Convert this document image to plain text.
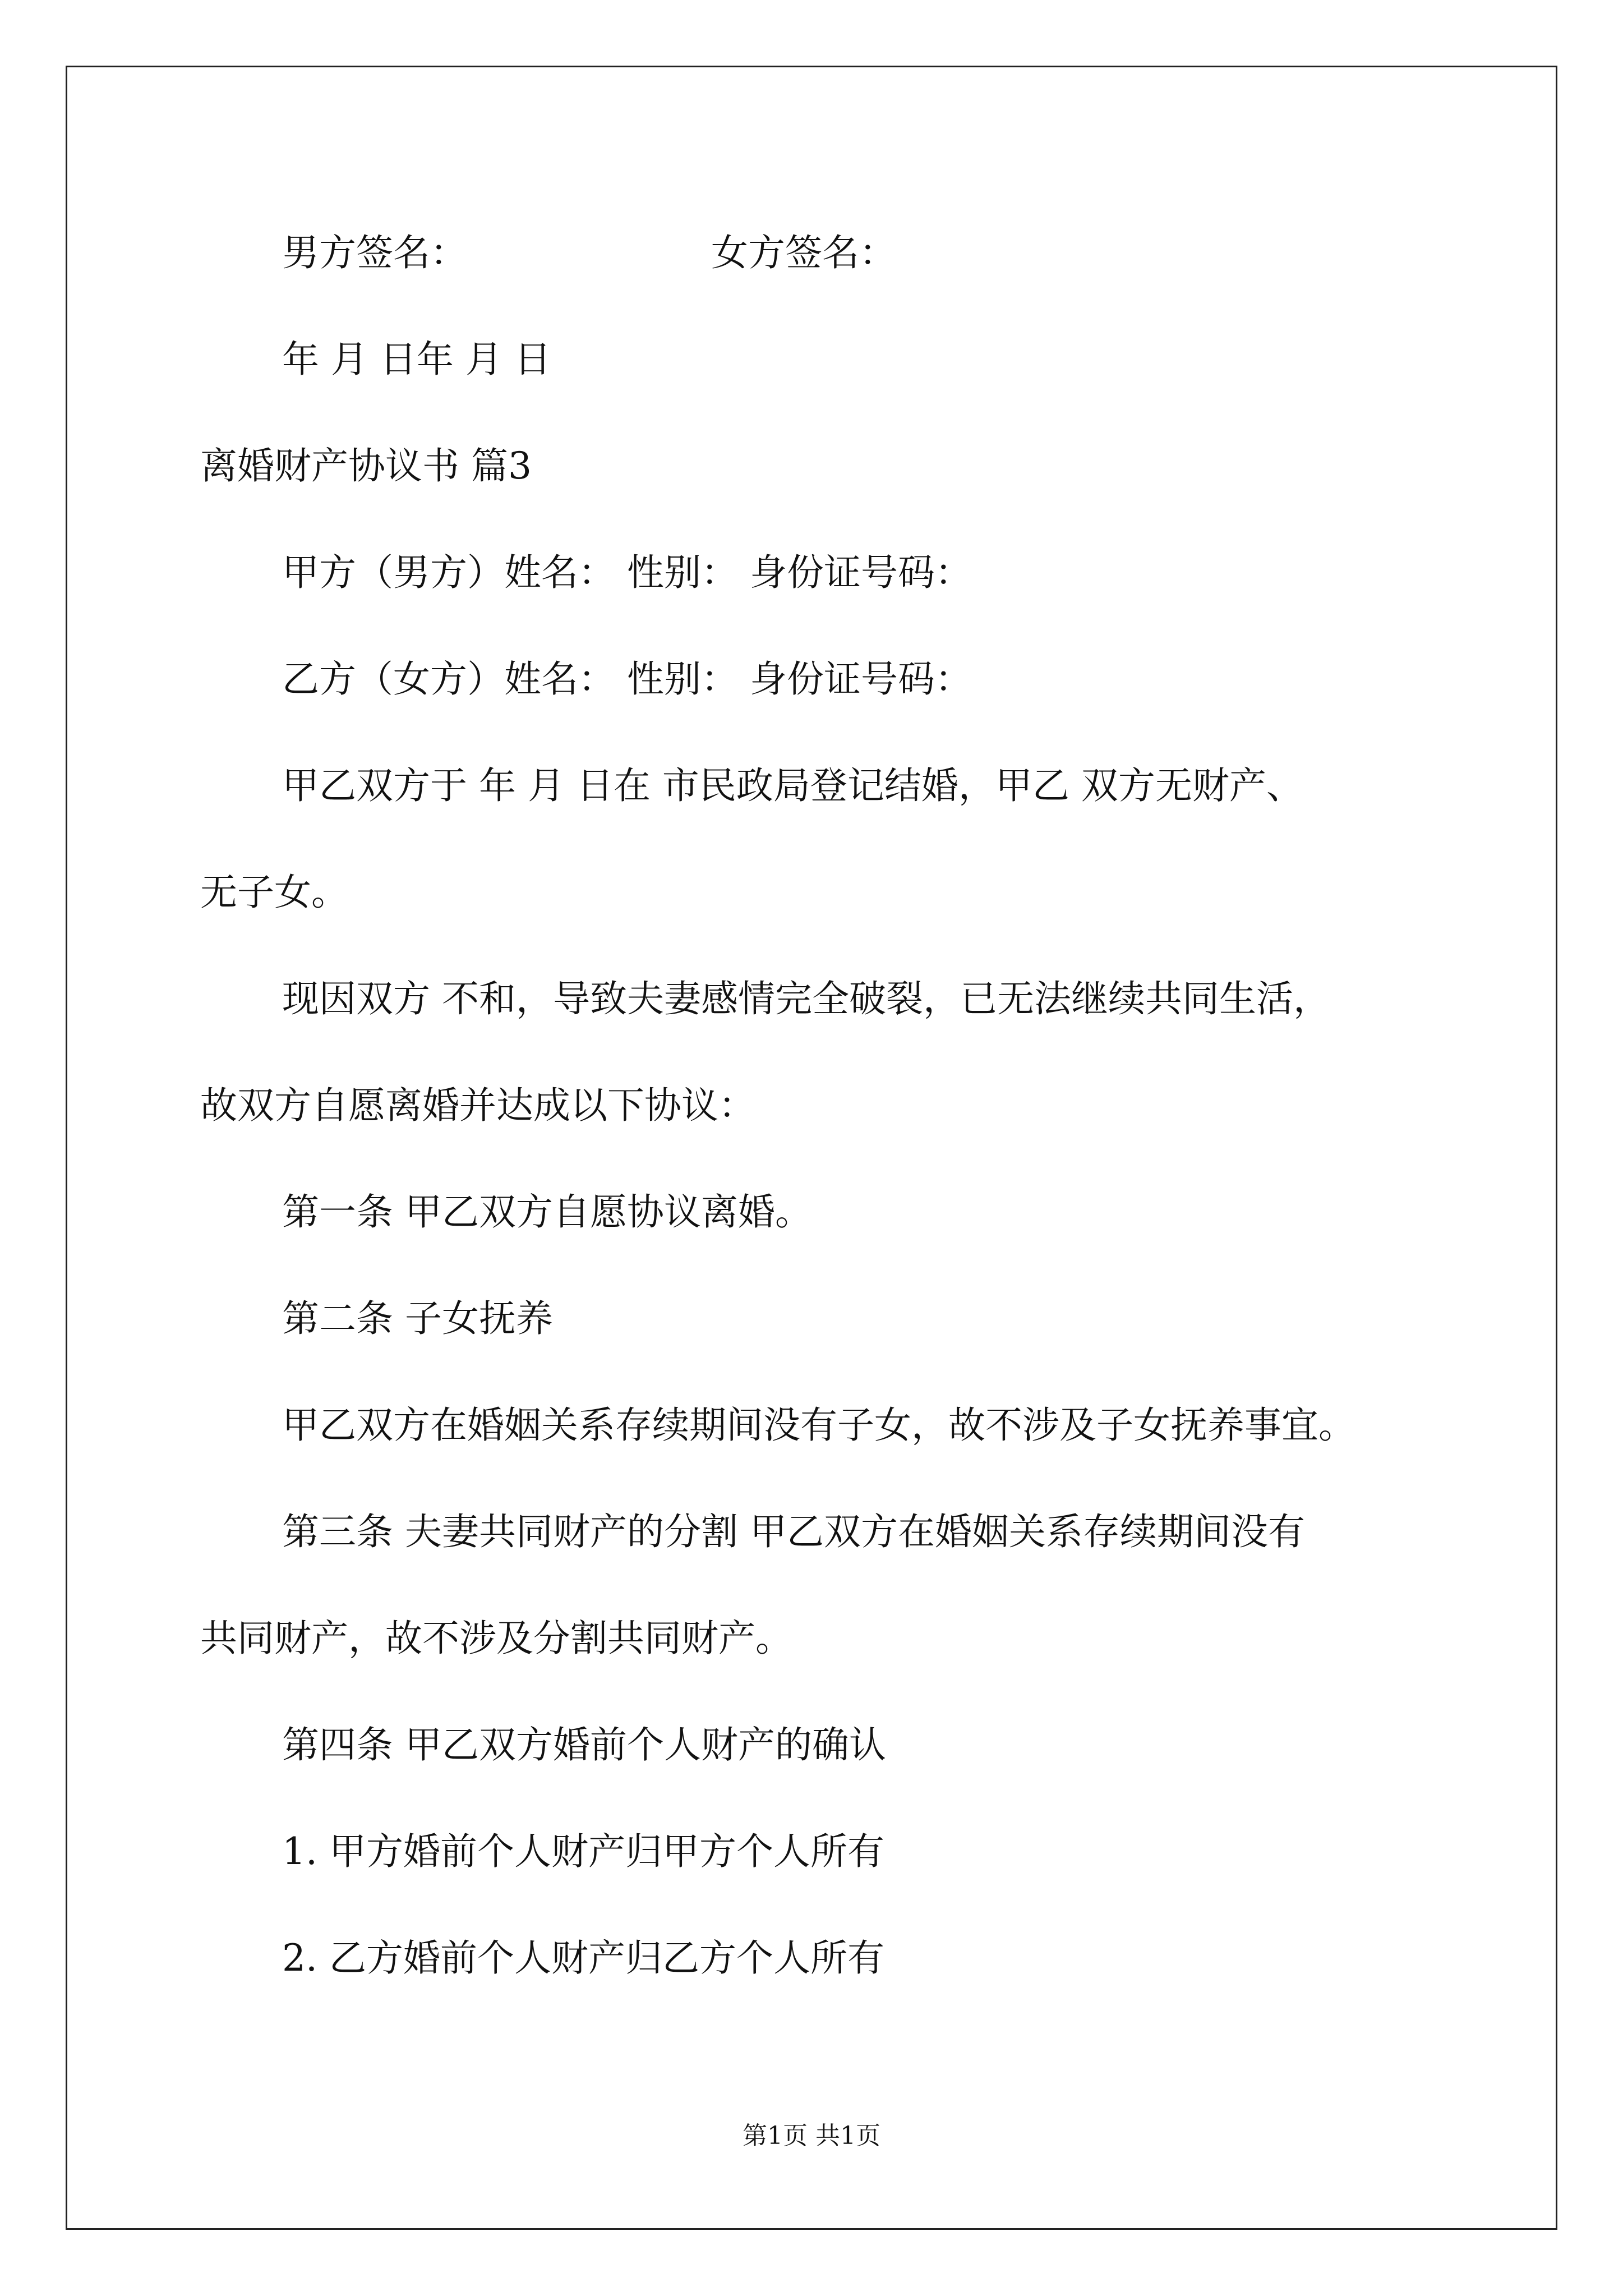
男方签名：	女方签名：
年 月 日年 月 日
离婚财产协议书 篇3
甲方（男方）姓名： 性别： 身份证号码：
乙方（女方）姓名： 性别： 身份证号码：
甲乙双方于 年 月 日在 市民政局登记结婚，甲乙 双方无财产、
无子女。
现因双方 不和，导致夫妻感情完全破裂，已无法继续共同生活，
故双方自愿离婚并达成以下协议：
第一条 甲乙双方自愿协议离婚。
第二条 子女抚养
甲乙双方在婚姻关系存续期间没有子女，故不涉及子女抚养事宜。
第三条 夫妻共同财产的分割 甲乙双方在婚姻关系存续期间没有
共同财产，故不涉及分割共同财产。
第四条 甲乙双方婚前个人财产的确认
1. 甲方婚前个人财产归甲方个人所有
2. 乙方婚前个人财产归乙方个人所有
第1页 共1页
